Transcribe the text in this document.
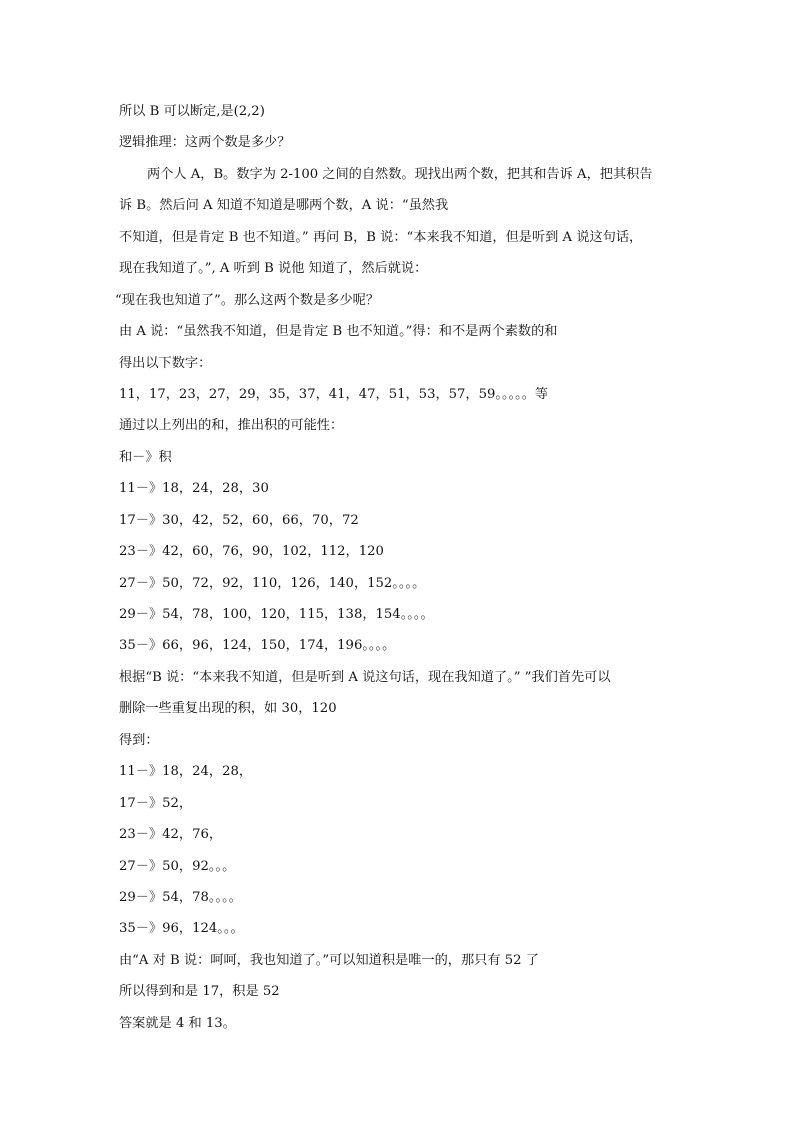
所以 B 可以断定,是(2,2)
逻辑推理：这两个数是多少？
两个人 A，B。数字为 2-100 之间的自然数。现找出两个数，把其和告诉 A，把其积告
诉 B。然后问 A 知道不知道是哪两个数，A 说：“虽然我
不知道，但是肯定 B 也不知道。” 再问 B，B 说：“本来我不知道，但是听到 A 说这句话，
现在我知道了。”, A 听到 B 说他 知道了，然后就说：
“现在我也知道了”。那么这两个数是多少呢？
由 A 说：“虽然我不知道，但是肯定 B 也不知道。”得：和不是两个素数的和
得出以下数字：
11，17，23，27，29，35，37，41，47，51，53，57，59。。。。。等
通过以上列出的和，推出积的可能性：
和－》积
11－》18，24，28，30
17－》30，42，52，60，66，70，72
23－》42，60，76，90，102，112，120
27－》50，72，92，110，126，140，152。。。。
29－》54，78，100，120，115，138，154。。。。
35－》66，96，124，150，174，196。。。。
根据“B 说：“本来我不知道，但是听到 A 说这句话，现在我知道了。” ”我们首先可以
删除一些重复出现的积，如 30，120
得到：
11－》18，24，28，
17－》52，
23－》42，76，
27－》50，92。。。
29－》54，78。。。。
35－》96，124。。。
由“A 对 B 说：呵呵，我也知道了。”可以知道积是唯一的，那只有 52 了
所以得到和是 17，积是 52
答案就是 4 和 13。
